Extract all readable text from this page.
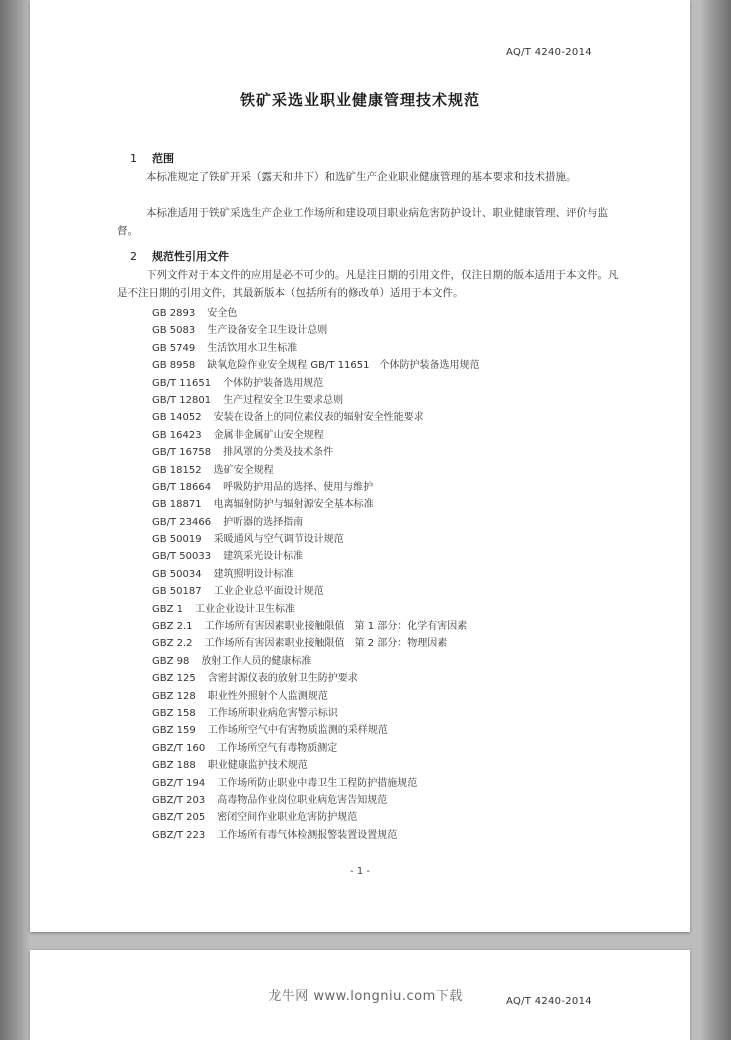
AQ/T 4240-2014
铁矿采选业职业健康管理技术规范
1 范围
本标准规定了铁矿开采（露天和井下）和选矿生产企业职业健康管理的基本要求和技术措施。
本标准适用于铁矿采选生产企业工作场所和建设项目职业病危害防护设计、职业健康管理、评价与监督。
2 规范性引用文件
下列文件对于本文件的应用是必不可少的。凡是注日期的引用文件，仅注日期的版本适用于本文件。凡是不注日期的引用文件，其最新版本（包括所有的修改单）适用于本文件。
GB 2893 安全色
GB 5083 生产设备安全卫生设计总则
GB 5749 生活饮用水卫生标准
GB 8958 缺氧危险作业安全规程 GB/T 11651　个体防护装备选用规范
GB/T 11651 个体防护装备选用规范
GB/T 12801 生产过程安全卫生要求总则
GB 14052 安装在设备上的同位素仪表的辐射安全性能要求
GB 16423 金属非金属矿山安全规程
GB/T 16758 排风罩的分类及技术条件
GB 18152 选矿安全规程
GB/T 18664 呼吸防护用品的选择、使用与维护
GB 18871 电离辐射防护与辐射源安全基本标准
GB/T 23466 护听器的选择指南
GB 50019 采暖通风与空气调节设计规范
GB/T 50033 建筑采光设计标准
GB 50034 建筑照明设计标准
GB 50187 工业企业总平面设计规范
GBZ 1 工业企业设计卫生标准
GBZ 2.1 工作场所有害因素职业接触限值　第 1 部分：化学有害因素
GBZ 2.2 工作场所有害因素职业接触限值　第 2 部分：物理因素
GBZ 98 放射工作人员的健康标准
GBZ 125 含密封源仪表的放射卫生防护要求
GBZ 128 职业性外照射个人监测规范
GBZ 158 工作场所职业病危害警示标识
GBZ 159 工作场所空气中有害物质监测的采样规范
GBZ/T 160 工作场所空气有毒物质测定
GBZ 188 职业健康监护技术规范
GBZ/T 194 工作场所防止职业中毒卫生工程防护措施规范
GBZ/T 203 高毒物品作业岗位职业病危害告知规范
GBZ/T 205 密闭空间作业职业危害防护规范
GBZ/T 223 工作场所有毒气体检测报警装置设置规范
- 1 -
AQ/T 4240-2014
龙牛网 www.longniu.com下载
